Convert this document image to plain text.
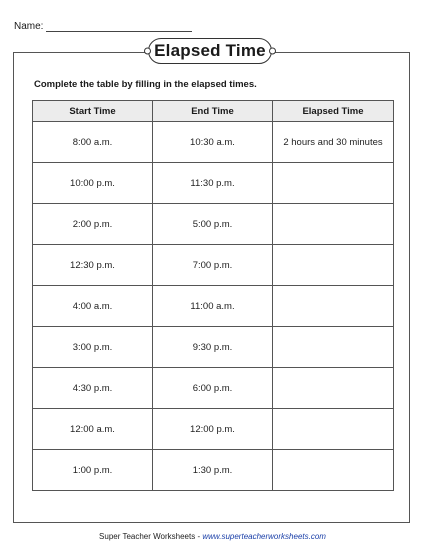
Name:
Elapsed Time
Complete the table by filling in the elapsed times.
Start Time	End Time	Elapsed Time
8:00 a.m.	10:30 a.m.	2 hours and 30 minutes
10:00 p.m.	11:30 p.m.	
2:00 p.m.	5:00 p.m.	
12:30 p.m.	7:00 p.m.	
4:00 a.m.	11:00 a.m.	
3:00 p.m.	9:30 p.m.	
4:30 p.m.	6:00 p.m.	
12:00 a.m.	12:00 p.m.	
1:00 p.m.	1:30 p.m.	
Super Teacher Worksheets - www.superteacherworksheets.com
